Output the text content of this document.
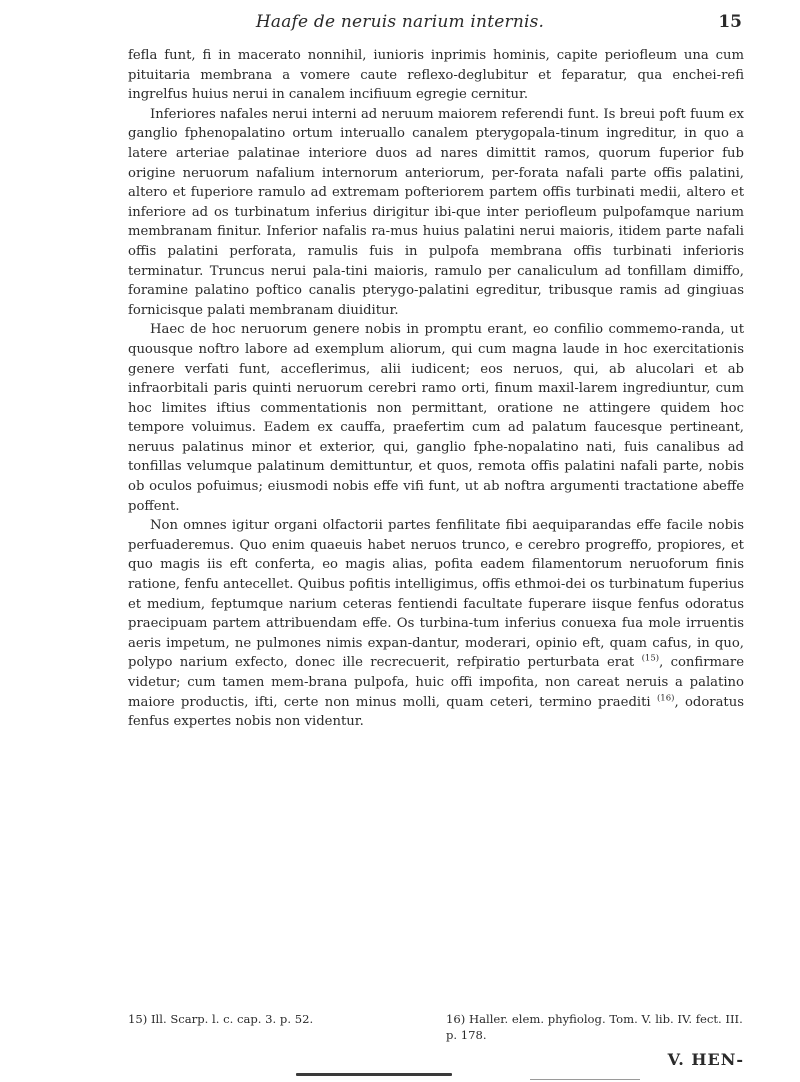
Haafe de neruis narium internis.	15

fefla funt, fi in macerato nonnihil, iunioris inprimis hominis, capite periofleum una cum pituitaria membrana a vomere caute reflexo-deglubitur et feparatur, qua enchei-refi ingrelfus huius nerui in canalem incifiuum egregie cernitur.

Inferiores nafales nerui interni ad neruum maiorem referendi funt. Is breui poft fuum ex ganglio fphenopalatino ortum interuallo canalem pterygopala-tinum ingreditur, in quo a latere arteriae palatinae interiore duos ad nares dimittit ramos, quorum fuperior fub origine neruorum nafalium internorum anteriorum, per-forata nafali parte offis palatini, altero et fuperiore ramulo ad extremam pofteriorem partem offis turbinati medii, altero et inferiore ad os turbinatum inferius dirigitur ibi-que inter periofleum pulpofamque narium membranam finitur. Inferior nafalis ra-mus huius palatini nerui maioris, itidem parte nafali offis palatini perforata, ramulis fuis in pulpofa membrana offis turbinati inferioris terminatur. Truncus nerui pala-tini maioris, ramulo per canaliculum ad tonfillam dimiffo, foramine palatino poftico canalis pterygo-palatini egreditur, tribusque ramis ad gingiuas fornicisque palati membranam diuiditur.

Haec de hoc neruorum genere nobis in promptu erant, eo confilio commemo-randa, ut quousque noftro labore ad exemplum aliorum, qui cum magna laude in hoc exercitationis genere verfati funt, acceflerimus, alii iudicent; eos neruos, qui, ab alucolari et ab infraorbitali paris quinti neruorum cerebri ramo orti, finum maxil-larem ingrediuntur, cum hoc limites iftius commentationis non permittant, oratione ne attingere quidem hoc tempore voluimus. Eadem ex cauffa, praefertim cum ad palatum faucesque pertineant, neruus palatinus minor et exterior, qui, ganglio fphe-nopalatino nati, fuis canalibus ad tonfillas velumque palatinum demittuntur, et quos, remota offis palatini nafali parte, nobis ob oculos pofuimus; eiusmodi nobis effe vifi funt, ut ab noftra argumenti tractatione abeffe poffent.

Non omnes igitur organi olfactorii partes fenfilitate fibi aequiparandas effe facile nobis perfuaderemus. Quo enim quaeuis habet neruos trunco, e cerebro progreffo, propiores, et quo magis iis eft conferta, eo magis alias, pofita eadem filamentorum neruoforum finis ratione, fenfu antecellet. Quibus pofitis intelligimus, offis ethmoi-dei os turbinatum fuperius et medium, feptumque narium ceteras fentiendi facultate fuperare iisque fenfus odoratus praecipuam partem attribuendam effe. Os turbina-tum inferius conuexa fua mole irruentis aeris impetum, ne pulmones nimis expan-dantur, moderari, opinio eft, quam cafus, in quo, polypo narium exfecto, donec ille recrecuerit, refpiratio perturbata erat $^{(15)}$, confirmare videtur; cum tamen mem-brana pulpofa, huic offi impofita, non careat neruis a palatino maiore productis, ifti, certe non minus molli, quam ceteri, termino praediti $^{(16)}$, odoratus fenfus expertes nobis non videntur.

15) Ill. Scarp. l. c. cap. 3. p. 52.	16) Haller. elem. phyfiolog. Tom. V. lib. IV. fect. III. p. 178.
V. HEN-
